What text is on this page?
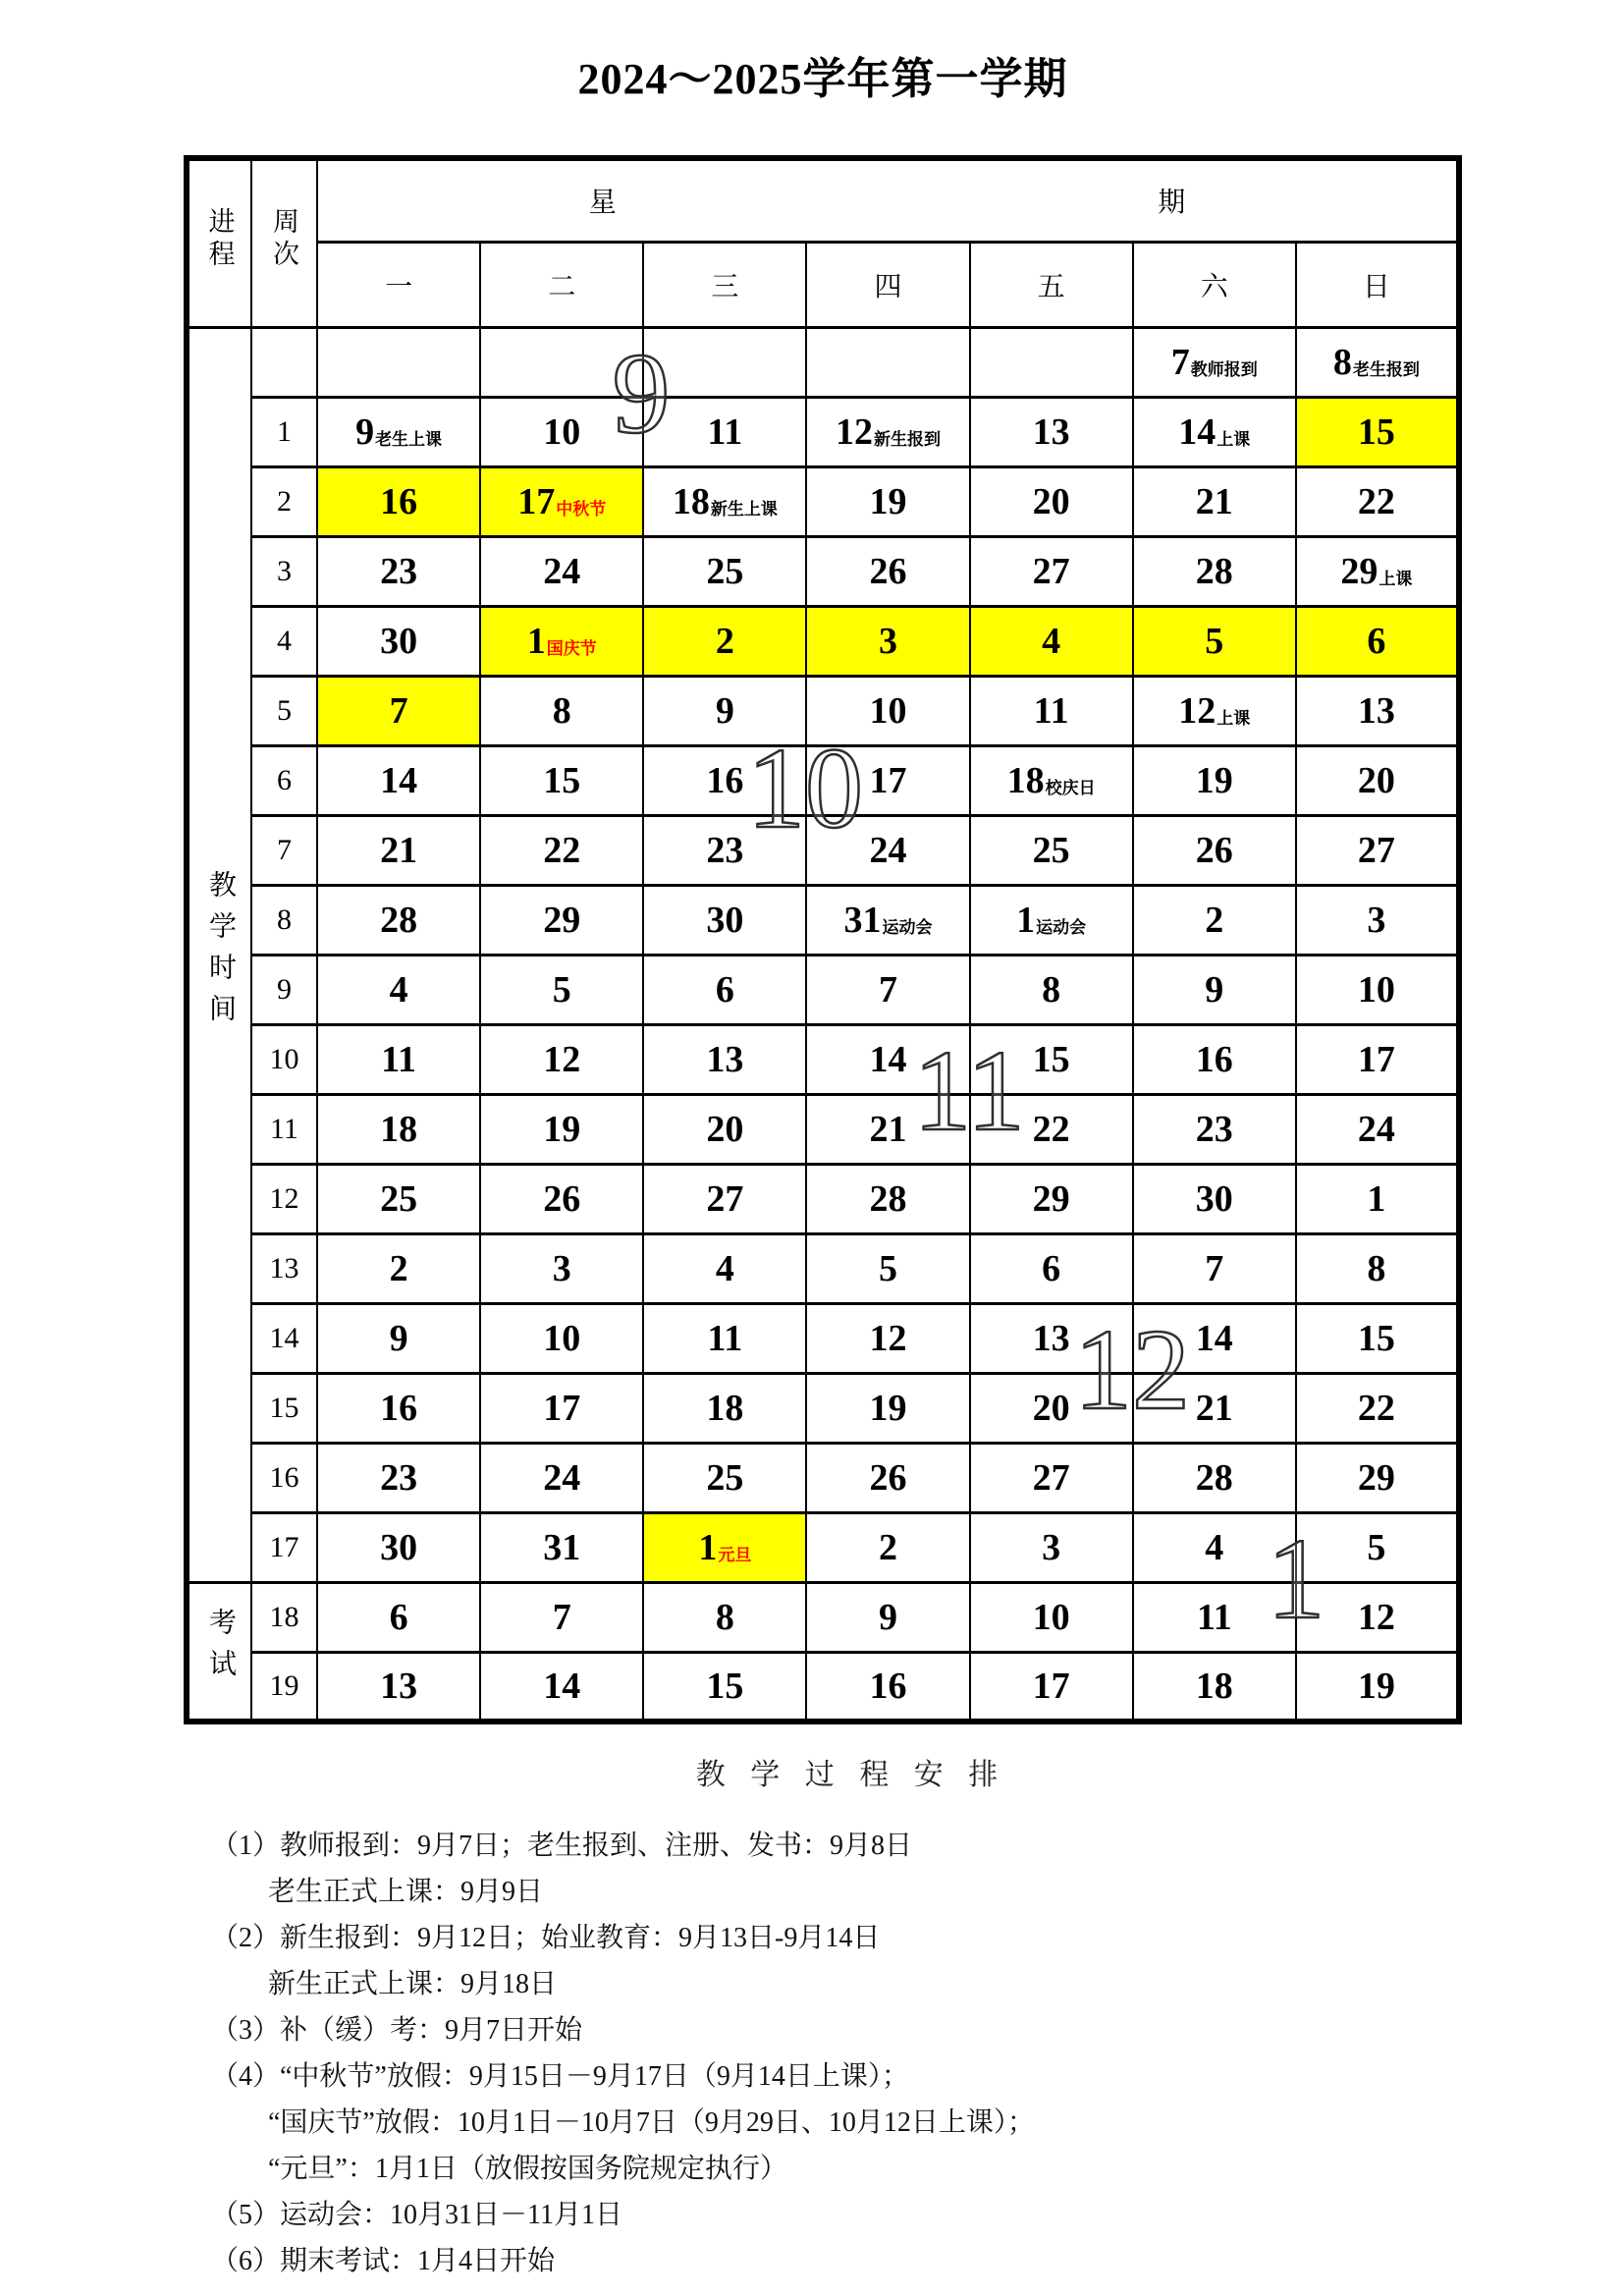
2024～2025学年第一学期
进程	周次	星 期						

		一	二	三	四	五	六	日
教学时间							7 教师报到	8 老生报到

	1	9 老生上课	10	11	12 新生报到	13	14 上课	15

	2	16	17 中秋节	18 新生上课	19	20	21	22

	3	23	24	25	26	27	28	29 上课

	4	30	1 国庆节	2	3	4	5	6

	5	7	8	9	10	11	12 上课	13

	6	14	15	16	17	18 校庆日	19	20

	7	21	22	23	24	25	26	27

	8	28	29	30	31 运动会	1 运动会	2	3

	9	4	5	6	7	8	9	10

	10	11	12	13	14	15	16	17

	11	18	19	20	21	22	23	24

	12	25	26	27	28	29	30	1

	13	2	3	4	5	6	7	8

	14	9	10	11	12	13	14	15

	15	16	17	18	19	20	21	22

	16	23	24	25	26	27	28	29

	17	30	31	1 元旦	2	3	4	5

考试	18	6	7	8	9	10	11	12

	19	13	14	15	16	17	18	19
9
10
11
12
1
教 学 过 程 安 排
（1）教师报到：9月7日；老生报到、注册、发书：9月8日
老生正式上课：9月9日
（2）新生报到：9月12日；始业教育：9月13日-9月14日
新生正式上课：9月18日
（3）补（缓）考：9月7日开始
（4）“中秋节”放假：9月15日－9月17日（9月14日上课）；
“国庆节”放假：10月1日－10月7日（9月29日、10月12日上课）；
“元旦”：1月1日（放假按国务院规定执行）
（5）运动会：10月31日－11月1日
（6）期末考试：1月4日开始
